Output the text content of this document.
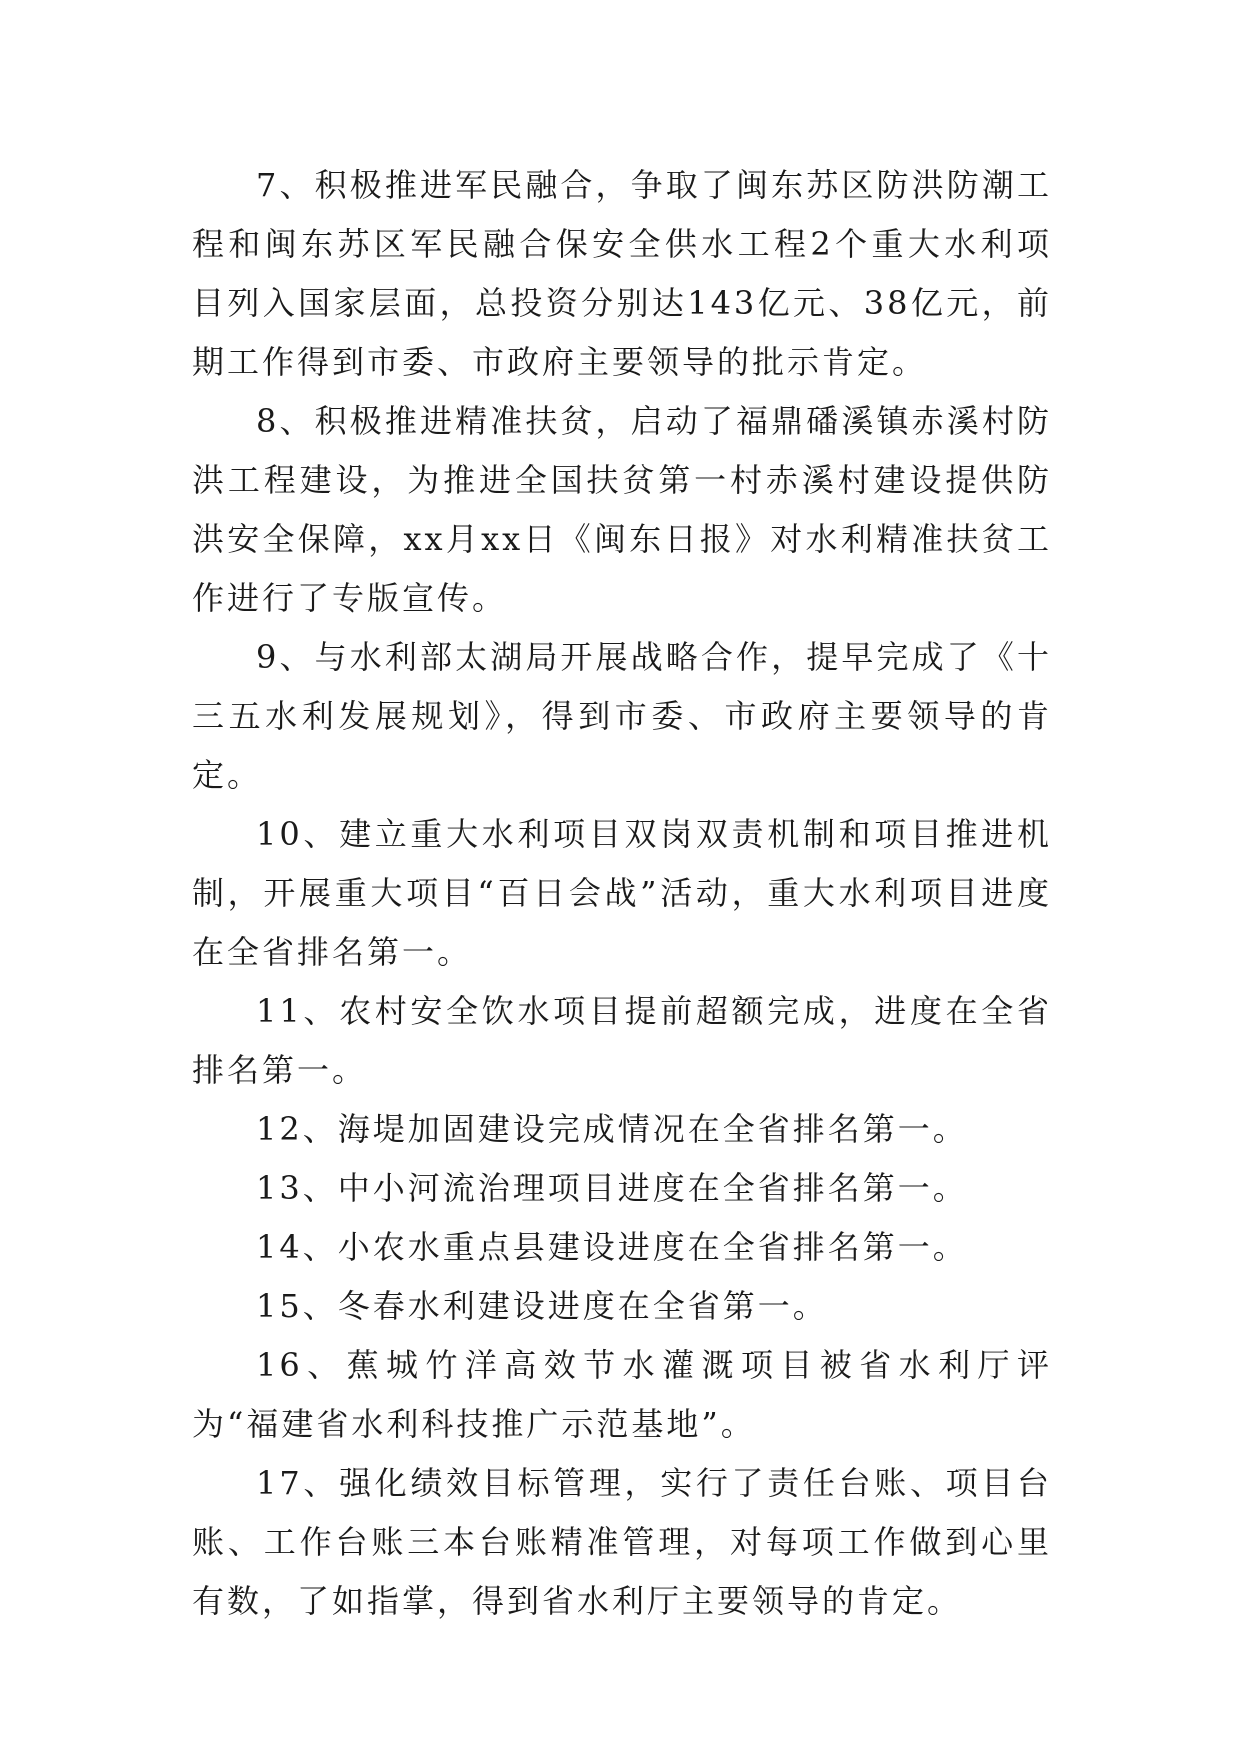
7、积极推进军民融合，争取了闽东苏区防洪防潮工程和闽东苏区军民融合保安全供水工程2个重大水利项目列入国家层面，总投资分别达143亿元、38亿元，前期工作得到市委、市政府主要领导的批示肯定。

8、积极推进精准扶贫，启动了福鼎磻溪镇赤溪村防洪工程建设，为推进全国扶贫第一村赤溪村建设提供防洪安全保障，xx月xx日《闽东日报》对水利精准扶贫工作进行了专版宣传。

9、与水利部太湖局开展战略合作，提早完成了《十三五水利发展规划》，得到市委、市政府主要领导的肯定。

10、建立重大水利项目双岗双责机制和项目推进机制，开展重大项目“百日会战”活动，重大水利项目进度在全省排名第一。

11、农村安全饮水项目提前超额完成，进度在全省排名第一。

12、海堤加固建设完成情况在全省排名第一。

13、中小河流治理项目进度在全省排名第一。

14、小农水重点县建设进度在全省排名第一。

15、冬春水利建设进度在全省第一。

16、蕉城竹洋高效节水灌溉项目被省水利厅评为“福建省水利科技推广示范基地”。

17、强化绩效目标管理，实行了责任台账、项目台账、工作台账三本台账精准管理，对每项工作做到心里有数，了如指掌，得到省水利厅主要领导的肯定。
